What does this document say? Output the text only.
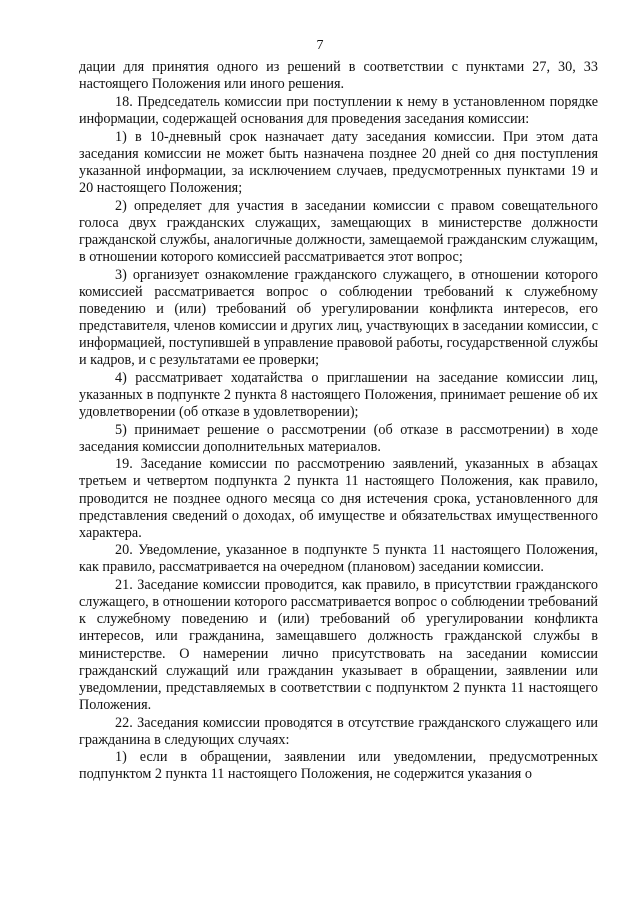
7

дации для принятия одного из решений в соответствии с пунктами 27, 30, 33 настоящего Положения или иного решения.

18. Председатель комиссии при поступлении к нему в установленном порядке информации, содержащей основания для проведения заседания комиссии:

1) в 10-дневный срок назначает дату заседания комиссии. При этом дата заседания комиссии не может быть назначена позднее 20 дней со дня поступления указанной информации, за исключением случаев, предусмотренных пунктами 19 и 20 настоящего Положения;

2) определяет для участия в заседании комиссии с правом совещательного голоса двух гражданских служащих, замещающих в министерстве должности гражданской службы, аналогичные должности, замещаемой гражданским служащим, в отношении которого комиссией рассматривается этот вопрос;

3) организует ознакомление гражданского служащего, в отношении которого комиссией рассматривается вопрос о соблюдении требований к служебному поведению и (или) требований об урегулировании конфликта интересов, его представителя, членов комиссии и других лиц, участвующих в заседании комиссии, с информацией, поступившей в управление правовой работы, государственной службы и кадров, и с результатами ее проверки;

4) рассматривает ходатайства о приглашении на заседание комиссии лиц, указанных в подпункте 2 пункта 8 настоящего Положения, принимает решение об их удовлетворении (об отказе в удовлетворении);

5) принимает решение о рассмотрении (об отказе в рассмотрении) в ходе заседания комиссии дополнительных материалов.

19. Заседание комиссии по рассмотрению заявлений, указанных в абзацах третьем и четвертом подпункта 2 пункта 11 настоящего Положения, как правило, проводится не позднее одного месяца со дня истечения срока, установленного для представления сведений о доходах, об имуществе и обязательствах имущественного характера.

20. Уведомление, указанное в подпункте 5 пункта 11 настоящего Положения, как правило, рассматривается на очередном (плановом) заседании комиссии.

21. Заседание комиссии проводится, как правило, в присутствии гражданского служащего, в отношении которого рассматривается вопрос о соблюдении требований к служебному поведению и (или) требований об урегулировании конфликта интересов, или гражданина, замещавшего должность гражданской службы в министерстве. О намерении лично присутствовать на заседании комиссии гражданский служащий или гражданин указывает в обращении, заявлении или уведомлении, представляемых в соответствии с подпунктом 2 пункта 11 настоящего Положения.

22. Заседания комиссии проводятся в отсутствие гражданского служащего или гражданина в следующих случаях:

1) если в обращении, заявлении или уведомлении, предусмотренных подпунктом 2 пункта 11 настоящего Положения, не содержится указания о
